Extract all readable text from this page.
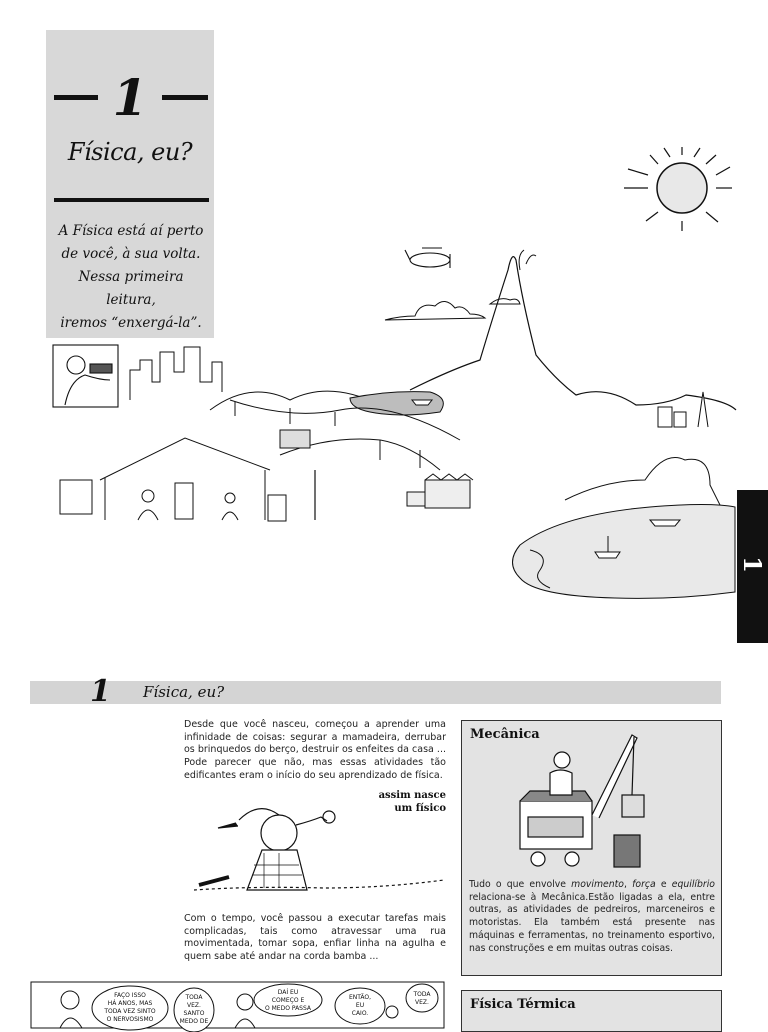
1
Física, eu?
A Física está aí perto
de você, à sua volta.
Nessa primeira leitura,
iremos “enxergá-la”.
1
1 Física, eu?
Desde que você nasceu, começou a aprender uma infinidade de coisas: segurar a mamadeira, derrubar os brinquedos do berço, destruir os enfeites da casa ... Pode parecer que não, mas essas atividades tão edificantes eram o início do seu aprendizado de física.
assim nasce
um físico
Com o tempo, você passou a executar tarefas mais complicadas, tais como atravessar uma rua movimentada, tomar sopa, enfiar linha na agulha e quem sabe até andar na corda bamba ...
Mecânica
Tudo o que envolve movimento, força e equilíbrio relaciona-se à Mecânica.Estão ligadas a ela, entre outras, as atividades de pedreiros, marceneiros e motoristas. Ela também está presente nas máquinas e ferramentas, no treinamento esportivo, nas construções e em muitas outras coisas.
Física Térmica
FAÇO ISSO
HÁ ANOS, MAS
TODA VEZ SINTO
O NERVOSISMO
TODA
VEZ.
SANTO
MEDO DE
DAÍ EU
COMEÇO E
O MEDO PASSA
ENTÃO,
EU
CAIO.
TODA
VEZ.
